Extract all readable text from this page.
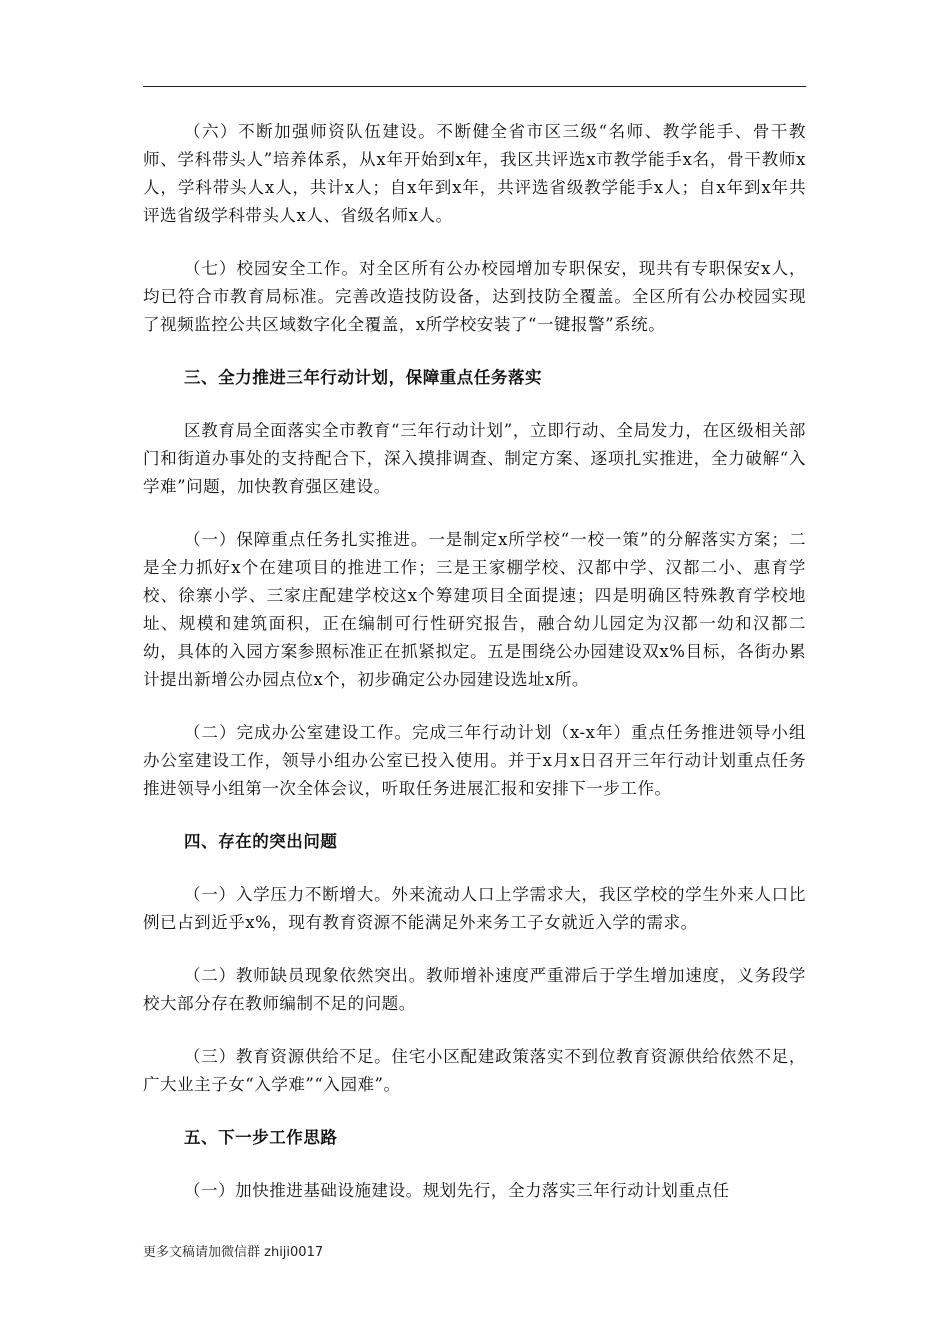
（六）不断加强师资队伍建设。不断健全省市区三级“名师、教学能手、骨干教师、学科带头人”培养体系，从x年开始到x年，我区共评选x市教学能手x名，骨干教师x人，学科带头人x人，共计x人；自x年到x年，共评选省级教学能手x人；自x年到x年共评选省级学科带头人x人、省级名师x人。

（七）校园安全工作。对全区所有公办校园增加专职保安，现共有专职保安x人，均已符合市教育局标准。完善改造技防设备，达到技防全覆盖。全区所有公办校园实现了视频监控公共区域数字化全覆盖，x所学校安装了“一键报警”系统。

三、全力推进三年行动计划，保障重点任务落实

区教育局全面落实全市教育“三年行动计划”，立即行动、全局发力，在区级相关部门和街道办事处的支持配合下，深入摸排调查、制定方案、逐项扎实推进，全力破解“入学难”问题，加快教育强区建设。

（一）保障重点任务扎实推进。一是制定x所学校“一校一策”的分解落实方案；二是全力抓好x个在建项目的推进工作；三是王家棚学校、汉都中学、汉都二小、惠育学校、徐寨小学、三家庄配建学校这x个筹建项目全面提速；四是明确区特殊教育学校地址、规模和建筑面积，正在编制可行性研究报告，融合幼儿园定为汉都一幼和汉都二幼，具体的入园方案参照标准正在抓紧拟定。五是围绕公办园建设双x%目标，各街办累计提出新增公办园点位x个，初步确定公办园建设选址x所。

（二）完成办公室建设工作。完成三年行动计划（x-x年）重点任务推进领导小组办公室建设工作，领导小组办公室已投入使用。并于x月x日召开三年行动计划重点任务推进领导小组第一次全体会议，听取任务进展汇报和安排下一步工作。

四、存在的突出问题

（一）入学压力不断增大。外来流动人口上学需求大，我区学校的学生外来人口比例已占到近乎x%，现有教育资源不能满足外来务工子女就近入学的需求。

（二）教师缺员现象依然突出。教师增补速度严重滞后于学生增加速度，义务段学校大部分存在教师编制不足的问题。

（三）教育资源供给不足。住宅小区配建政策落实不到位教育资源供给依然不足，广大业主子女“入学难”“入园难”。

五、下一步工作思路

（一）加快推进基础设施建设。规划先行，全力落实三年行动计划重点任

更多文稿请加微信群 zhiji0017
